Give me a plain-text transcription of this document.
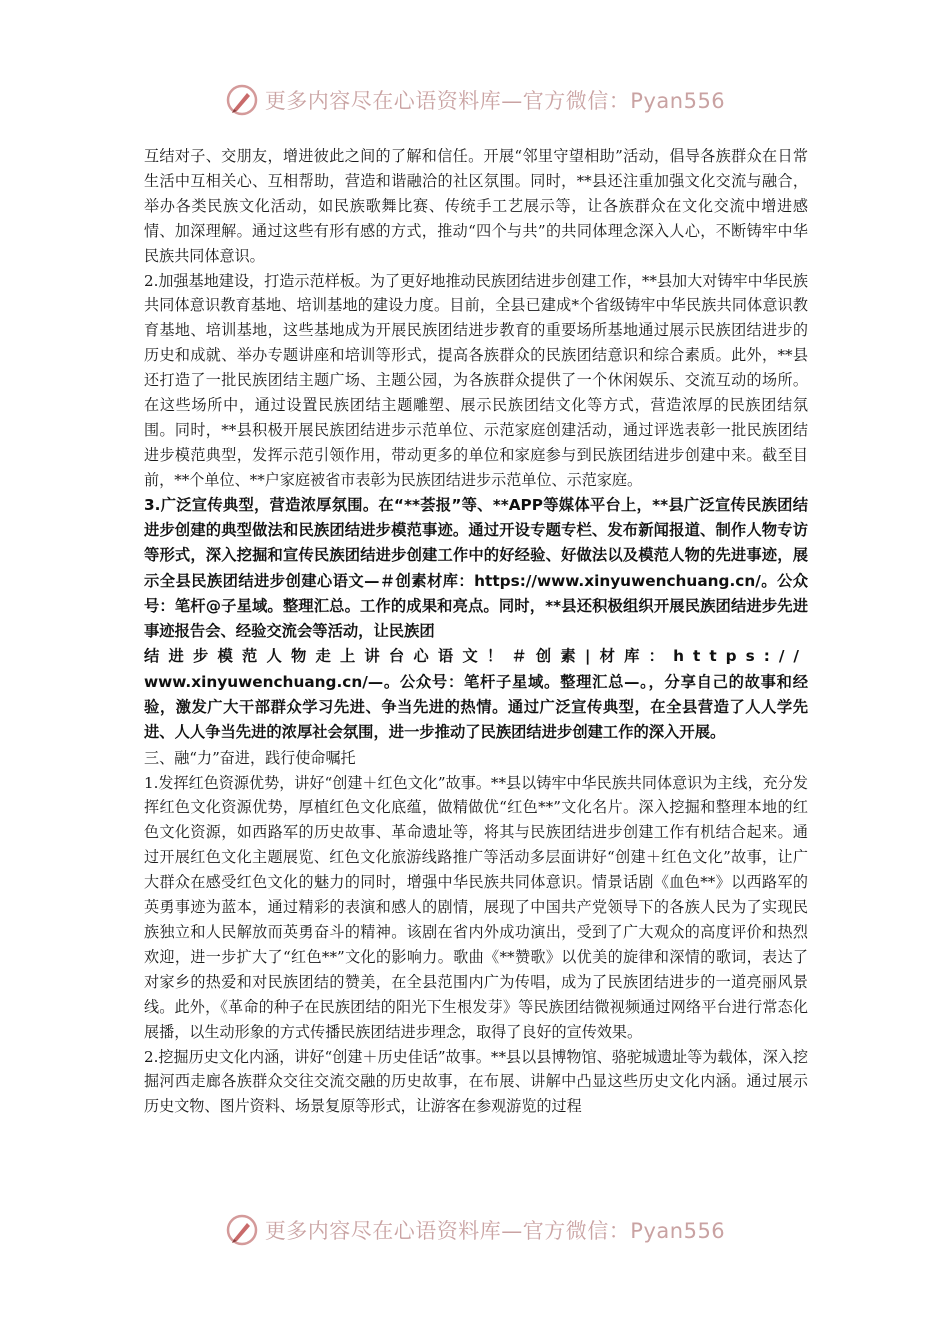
更多内容尽在心语资料库—官方微信：Pyan556

互结对子、交朋友，增进彼此之间的了解和信任。开展“邻里守望相助”活动，倡导各族群众在日常生活中互相关心、互相帮助，营造和谐融洽的社区氛围。同时，**县还注重加强文化交流与融合，举办各类民族文化活动，如民族歌舞比赛、传统手工艺展示等，让各族群众在文化交流中增进感情、加深理解。通过这些有形有感的方式，推动“四个与共”的共同体理念深入人心，不断铸牢中华民族共同体意识。

2.加强基地建设，打造示范样板。为了更好地推动民族团结进步创建工作，**县加大对铸牢中华民族共同体意识教育基地、培训基地的建设力度。目前，全县已建成*个省级铸牢中华民族共同体意识教育基地、培训基地，这些基地成为开展民族团结进步教育的重要场所基地通过展示民族团结进步的历史和成就、举办专题讲座和培训等形式，提高各族群众的民族团结意识和综合素质。此外，**县还打造了一批民族团结主题广场、主题公园，为各族群众提供了一个休闲娱乐、交流互动的场所。在这些场所中，通过设置民族团结主题雕塑、展示民族团结文化等方式，营造浓厚的民族团结氛围。同时，**县积极开展民族团结进步示范单位、示范家庭创建活动，通过评选表彰一批民族团结进步模范典型，发挥示范引领作用，带动更多的单位和家庭参与到民族团结进步创建中来。截至目前，**个单位、**户家庭被省市表彰为民族团结进步示范单位、示范家庭。

3.广泛宣传典型，营造浓厚氛围。在“**荟报”等、**APP等媒体平台上，**县广泛宣传民族团结进步创建的典型做法和民族团结进步模范事迹。通过开设专题专栏、发布新闻报道、制作人物专访等形式，深入挖掘和宣传民族团结进步创建工作中的好经验、好做法以及模范人物的先进事迹，展示全县民族团结进步创建心语文—＃创素材库：https://www.xinyuwenchuang.cn/。公众号：笔杆@子星域。整理汇总。工作的成果和亮点。同时，**县还积极组织开展民族团结进步先进事迹报告会、经验交流会等活动，让民族团

结进步模范人物走上讲台心语文！＃创素|材库：https://

www.xinyuwenchuang.cn/—。公众号：笔杆子星域。整理汇总—。，分享自己的故事和经验，激发广大干部群众学习先进、争当先进的热情。通过广泛宣传典型，在全县营造了人人学先进、人人争当先进的浓厚社会氛围，进一步推动了民族团结进步创建工作的深入开展。

三、融“力”奋进，践行使命嘱托

1.发挥红色资源优势，讲好“创建＋红色文化”故事。**县以铸牢中华民族共同体意识为主线，充分发挥红色文化资源优势，厚植红色文化底蕴，做精做优“红色**”文化名片。深入挖掘和整理本地的红色文化资源，如西路军的历史故事、革命遗址等，将其与民族团结进步创建工作有机结合起来。通过开展红色文化主题展览、红色文化旅游线路推广等活动多层面讲好“创建＋红色文化”故事，让广大群众在感受红色文化的魅力的同时，增强中华民族共同体意识。情景话剧《血色**》以西路军的英勇事迹为蓝本，通过精彩的表演和感人的剧情，展现了中国共产党领导下的各族人民为了实现民族独立和人民解放而英勇奋斗的精神。该剧在省内外成功演出，受到了广大观众的高度评价和热烈欢迎，进一步扩大了“红色**”文化的影响力。歌曲《**赞歌》以优美的旋律和深情的歌词，表达了对家乡的热爱和对民族团结的赞美，在全县范围内广为传唱，成为了民族团结进步的一道亮丽风景线。此外，《革命的种子在民族团结的阳光下生根发芽》等民族团结微视频通过网络平台进行常态化展播，以生动形象的方式传播民族团结进步理念，取得了良好的宣传效果。

2.挖掘历史文化内涵，讲好“创建＋历史佳话”故事。**县以县博物馆、骆驼城遗址等为载体，深入挖掘河西走廊各族群众交往交流交融的历史故事，在布展、讲解中凸显这些历史文化内涵。通过展示历史文物、图片资料、场景复原等形式，让游客在参观游览的过程

更多内容尽在心语资料库—官方微信：Pyan556
